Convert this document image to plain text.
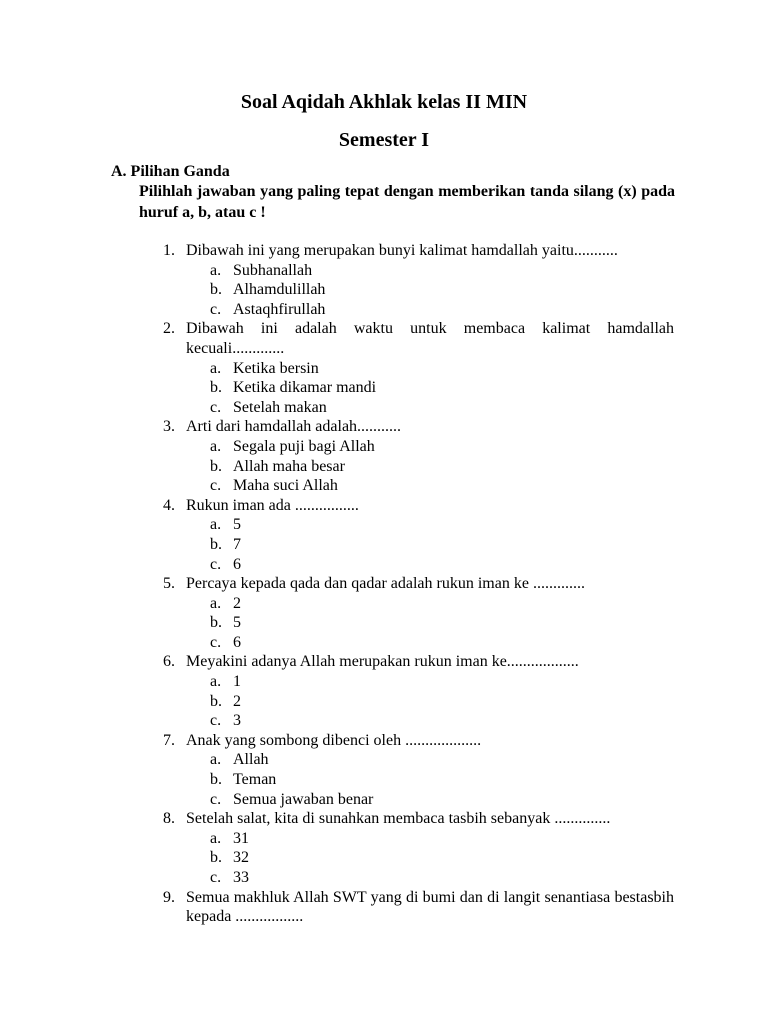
Soal Aqidah Akhlak kelas II MIN
Semester I
A. Pilihan Ganda
Pilihlah jawaban yang paling tepat dengan memberikan tanda silang (x) pada huruf a, b, atau c !
1. Dibawah ini yang merupakan bunyi kalimat hamdallah yaitu...........
a. Subhanallah
b. Alhamdulillah
c. Astaqhfirullah
2. Dibawah ini adalah waktu untuk membaca kalimat hamdallah kecuali.............
a. Ketika bersin
b. Ketika dikamar mandi
c. Setelah makan
3. Arti dari hamdallah adalah...........
a. Segala puji bagi Allah
b. Allah maha besar
c. Maha suci Allah
4. Rukun iman ada ................
a. 5
b. 7
c. 6
5. Percaya kepada qada dan qadar adalah rukun iman ke .............
a. 2
b. 5
c. 6
6. Meyakini adanya Allah merupakan rukun iman ke..................
a. 1
b. 2
c. 3
7. Anak yang sombong dibenci oleh ...................
a. Allah
b. Teman
c. Semua jawaban benar
8. Setelah salat, kita di sunahkan membaca tasbih sebanyak ..............
a. 31
b. 32
c. 33
9. Semua makhluk Allah SWT yang di bumi dan di langit senantiasa bestasbih kepada .................
